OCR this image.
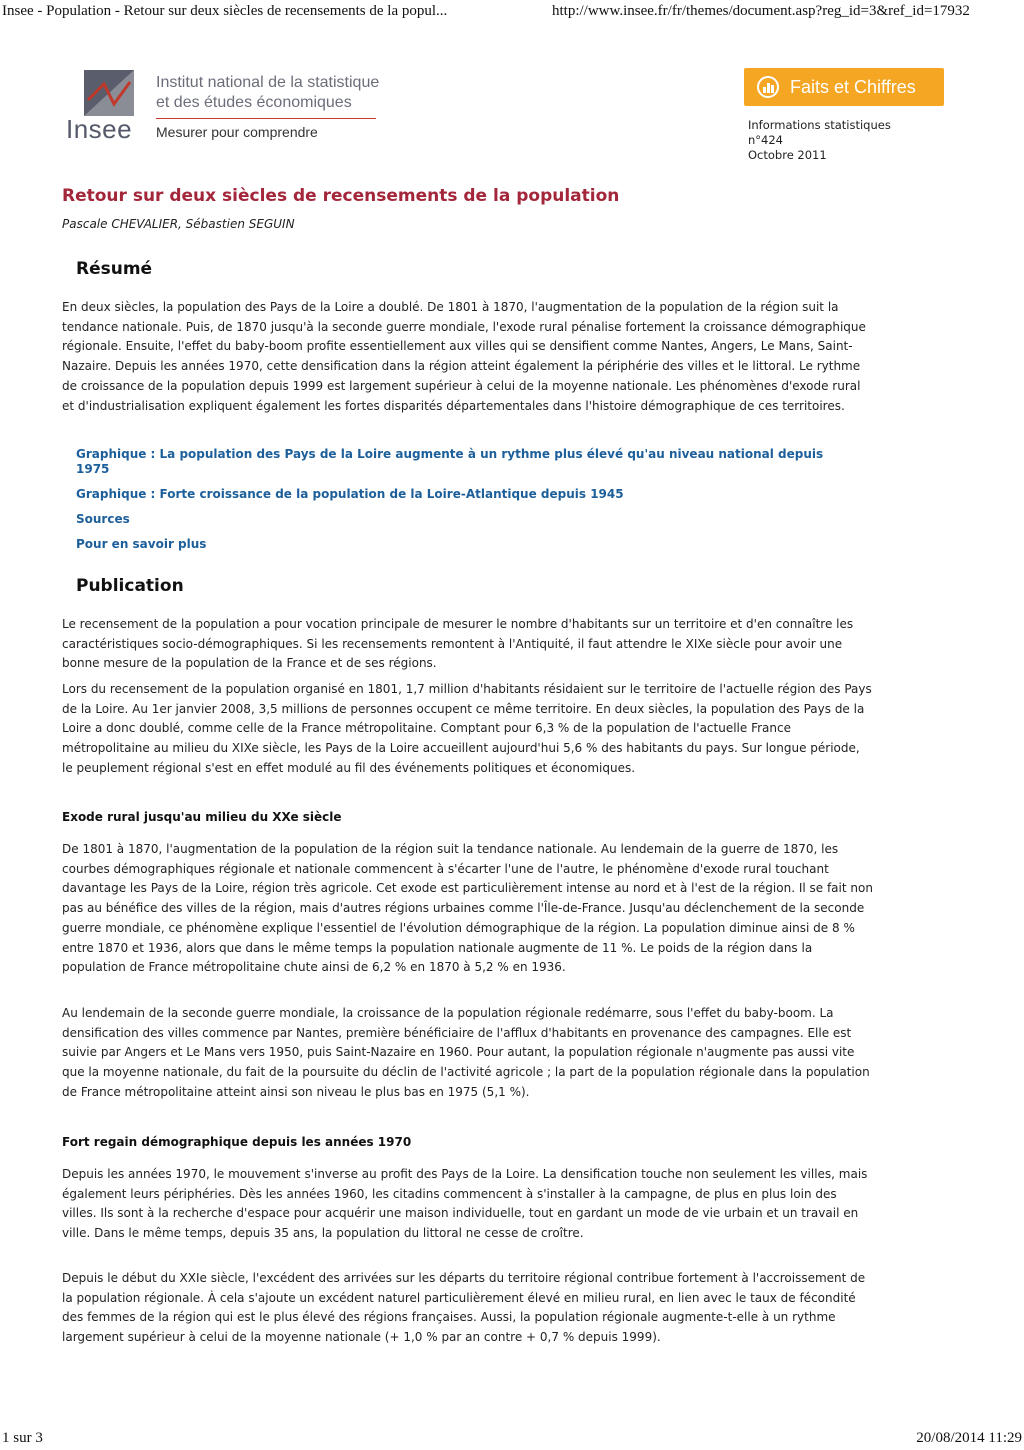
Insee - Population - Retour sur deux siècles de recensements de la popul...	http://www.insee.fr/fr/themes/document.asp?reg_id=3&ref_id=17932
Insee
Institut national de la statistique
et des études économiques
Mesurer pour comprendre
Faits et Chiffres
Informations statistiques
n°424
Octobre 2011
Retour sur deux siècles de recensements de la population
Pascale CHEVALIER, Sébastien SEGUIN
Résumé

En deux siècles, la population des Pays de la Loire a doublé. De 1801 à 1870, l'augmentation de la population de la région suit la tendance nationale. Puis, de 1870 jusqu'à la seconde guerre mondiale, l'exode rural pénalise fortement la croissance démographique régionale. Ensuite, l'effet du baby-boom profite essentiellement aux villes qui se densifient comme Nantes, Angers, Le Mans, Saint-Nazaire. Depuis les années 1970, cette densification dans la région atteint également la périphérie des villes et le littoral. Le rythme de croissance de la population depuis 1999 est largement supérieur à celui de la moyenne nationale. Les phénomènes d'exode rural et d'industrialisation expliquent également les fortes disparités départementales dans l'histoire démographique de ces territoires.

Graphique : La population des Pays de la Loire augmente à un rythme plus élevé qu'au niveau national depuis 1975
Graphique : Forte croissance de la population de la Loire-Atlantique depuis 1945
Sources
Pour en savoir plus
Publication

Le recensement de la population a pour vocation principale de mesurer le nombre d'habitants sur un territoire et d'en connaître les caractéristiques socio-démographiques. Si les recensements remontent à l'Antiquité, il faut attendre le XIXe siècle pour avoir une bonne mesure de la population de la France et de ses régions.

Lors du recensement de la population organisé en 1801, 1,7 million d'habitants résidaient sur le territoire de l'actuelle région des Pays de la Loire. Au 1er janvier 2008, 3,5 millions de personnes occupent ce même territoire. En deux siècles, la population des Pays de la Loire a donc doublé, comme celle de la France métropolitaine. Comptant pour 6,3 % de la population de l'actuelle France métropolitaine au milieu du XIXe siècle, les Pays de la Loire accueillent aujourd'hui 5,6 % des habitants du pays. Sur longue période, le peuplement régional s'est en effet modulé au fil des événements politiques et économiques.

Exode rural jusqu'au milieu du XXe siècle

De 1801 à 1870, l'augmentation de la population de la région suit la tendance nationale. Au lendemain de la guerre de 1870, les courbes démographiques régionale et nationale commencent à s'écarter l'une de l'autre, le phénomène d'exode rural touchant davantage les Pays de la Loire, région très agricole. Cet exode est particulièrement intense au nord et à l'est de la région. Il se fait non pas au bénéfice des villes de la région, mais d'autres régions urbaines comme l'Île-de-France. Jusqu'au déclenchement de la seconde guerre mondiale, ce phénomène explique l'essentiel de l'évolution démographique de la région. La population diminue ainsi de 8 % entre 1870 et 1936, alors que dans le même temps la population nationale augmente de 11 %. Le poids de la région dans la population de France métropolitaine chute ainsi de 6,2 % en 1870 à 5,2 % en 1936.

Au lendemain de la seconde guerre mondiale, la croissance de la population régionale redémarre, sous l'effet du baby-boom. La densification des villes commence par Nantes, première bénéficiaire de l'afflux d'habitants en provenance des campagnes. Elle est suivie par Angers et Le Mans vers 1950, puis Saint-Nazaire en 1960. Pour autant, la population régionale n'augmente pas aussi vite que la moyenne nationale, du fait de la poursuite du déclin de l'activité agricole ; la part de la population régionale dans la population de France métropolitaine atteint ainsi son niveau le plus bas en 1975 (5,1 %).

Fort regain démographique depuis les années 1970

Depuis les années 1970, le mouvement s'inverse au profit des Pays de la Loire. La densification touche non seulement les villes, mais également leurs périphéries. Dès les années 1960, les citadins commencent à s'installer à la campagne, de plus en plus loin des villes. Ils sont à la recherche d'espace pour acquérir une maison individuelle, tout en gardant un mode de vie urbain et un travail en ville. Dans le même temps, depuis 35 ans, la population du littoral ne cesse de croître.

Depuis le début du XXIe siècle, l'excédent des arrivées sur les départs du territoire régional contribue fortement à l'accroissement de la population régionale. À cela s'ajoute un excédent naturel particulièrement élevé en milieu rural, en lien avec le taux de fécondité des femmes de la région qui est le plus élevé des régions françaises. Aussi, la population régionale augmente-t-elle à un rythme largement supérieur à celui de la moyenne nationale (+ 1,0 % par an contre + 0,7 % depuis 1999).

1 sur 3	20/08/2014 11:29
